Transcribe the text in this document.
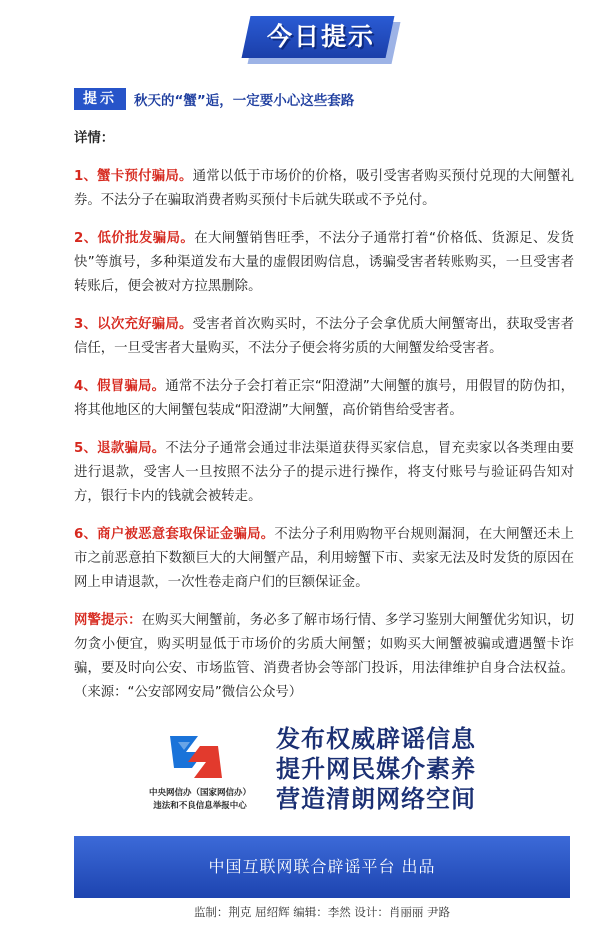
今日提示
提示	秋天的“蟹”逅，一定要小心这些套路
详情：

1、蟹卡预付骗局。通常以低于市场价的价格，吸引受害者购买预付兑现的大闸蟹礼券。不法分子在骗取消费者购买预付卡后就失联或不予兑付。

2、低价批发骗局。在大闸蟹销售旺季，不法分子通常打着“价格低、货源足、发货快”等旗号，多种渠道发布大量的虚假团购信息，诱骗受害者转账购买，一旦受害者转账后，便会被对方拉黑删除。

3、以次充好骗局。受害者首次购买时，不法分子会拿优质大闸蟹寄出，获取受害者信任，一旦受害者大量购买，不法分子便会将劣质的大闸蟹发给受害者。

4、假冒骗局。通常不法分子会打着正宗“阳澄湖”大闸蟹的旗号，用假冒的防伪扣，将其他地区的大闸蟹包装成“阳澄湖”大闸蟹，高价销售给受害者。

5、退款骗局。不法分子通常会通过非法渠道获得买家信息，冒充卖家以各类理由要进行退款，受害人一旦按照不法分子的提示进行操作，将支付账号与验证码告知对方，银行卡内的钱就会被转走。

6、商户被恶意套取保证金骗局。不法分子利用购物平台规则漏洞，在大闸蟹还未上市之前恶意拍下数额巨大的大闸蟹产品，利用螃蟹下市、卖家无法及时发货的原因在网上申请退款，一次性卷走商户们的巨额保证金。

网警提示：在购买大闸蟹前，务必多了解市场行情、多学习鉴别大闸蟹优劣知识，切勿贪小便宜，购买明显低于市场价的劣质大闸蟹；如购买大闸蟹被骗或遭遇蟹卡诈骗，要及时向公安、市场监管、消费者协会等部门投诉，用法律维护自身合法权益。（来源：“公安部网安局”微信公众号）

中央网信办（国家网信办）
违法和不良信息举报中心
发布权威辟谣信息
提升网民媒介素养
营造清朗网络空间
中国互联网联合辟谣平台 出品
监制：荆克 屈绍辉 编辑：李然 设计：肖丽丽 尹路
